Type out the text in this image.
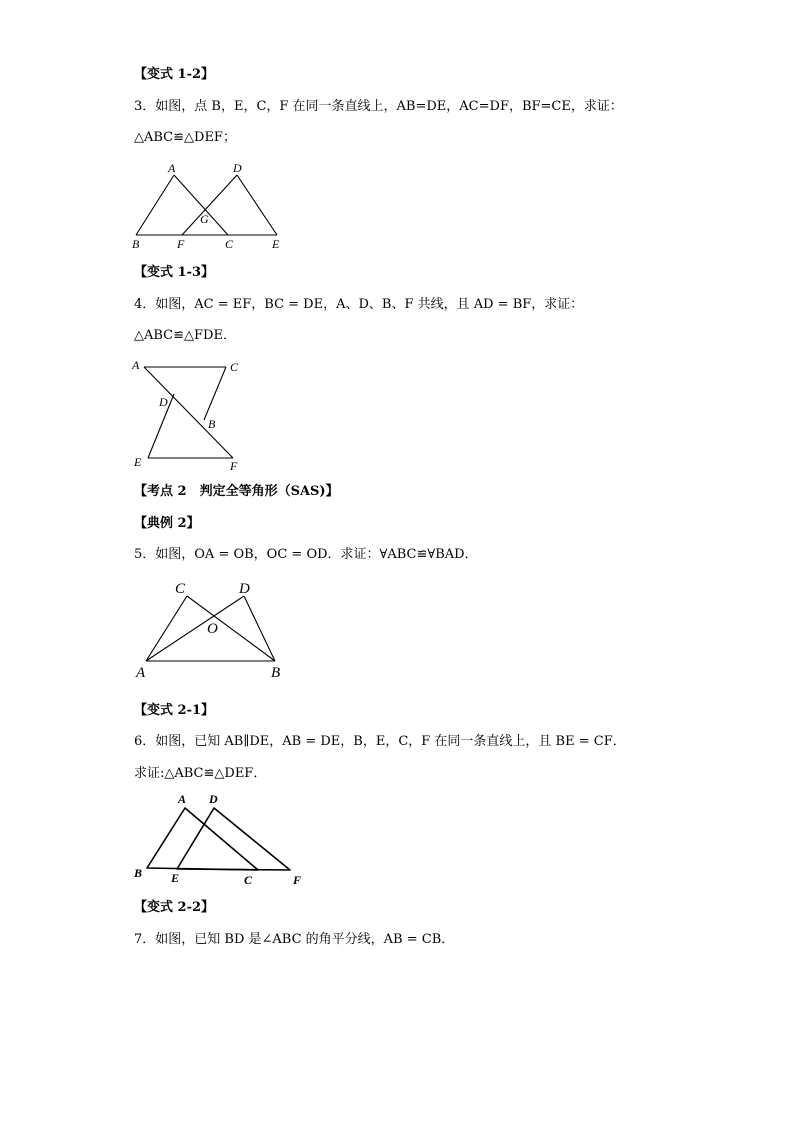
【变式 1-2】
3．如图，点 B，E，C，F 在同一条直线上，AB=DE，AC=DF，BF=CE，求证：
△ABC≌△DEF；
A	D
G
B	F	C	E
【变式 1-3】
4．如图，AC = EF，BC = DE，A、D、B、F 共线，且 AD = BF，求证：
△ABC≌△FDE．
A	C
D
B
E	F
【考点 2　判定全等角形（SAS)】
【典例 2】
5．如图，OA = OB，OC = OD．求证：∀ABC≌∀BAD．
C	D
O
A	B
【变式 2-1】
6．如图，已知 AB∥DE，AB = DE，B，E，C，F 在同一条直线上，且 BE = CF．
求证:△ABC≌△DEF．
A D
B E	C	F
【变式 2-2】
7．如图，已知 BD 是∠ABC 的角平分线，AB = CB．
